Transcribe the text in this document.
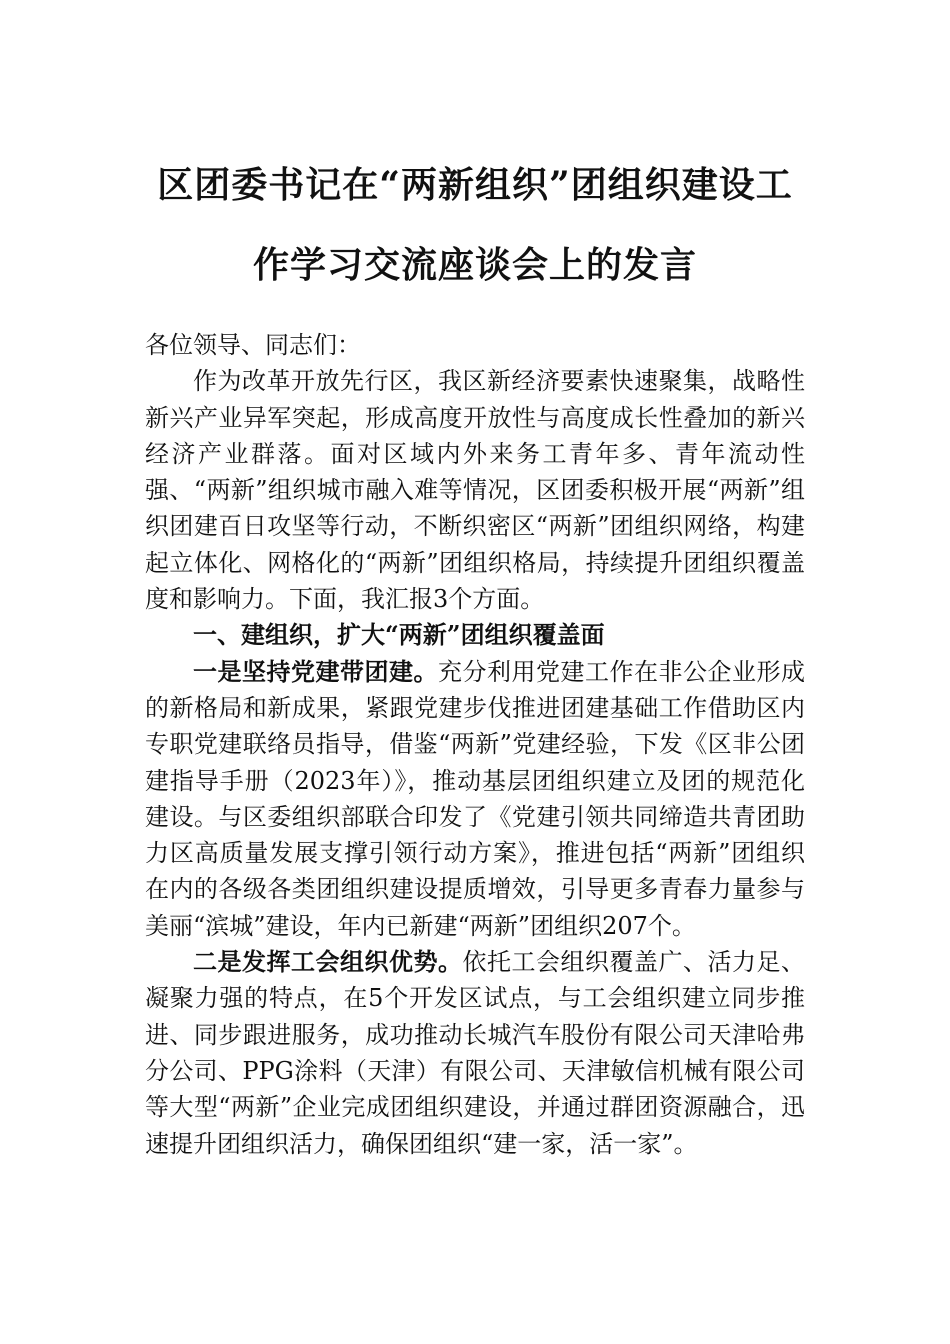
区团委书记在“两新组织”团组织建设工
作学习交流座谈会上的发言

各位领导、同志们：

作为改革开放先行区，我区新经济要素快速聚集，战略性新兴产业异军突起，形成高度开放性与高度成长性叠加的新兴经济产业群落。面对区域内外来务工青年多、青年流动性强、“两新”组织城市融入难等情况，区团委积极开展“两新”组织团建百日攻坚等行动，不断织密区“两新”团组织网络，构建起立体化、网格化的“两新”团组织格局，持续提升团组织覆盖度和影响力。下面，我汇报3个方面。

一、建组织，扩大“两新”团组织覆盖面

一是坚持党建带团建。充分利用党建工作在非公企业形成的新格局和新成果，紧跟党建步伐推进团建基础工作借助区内专职党建联络员指导，借鉴“两新”党建经验，下发《区非公团建指导手册（2023年）》，推动基层团组织建立及团的规范化建设。与区委组织部联合印发了《党建引领共同缔造共青团助力区高质量发展支撑引领行动方案》，推进包括“两新”团组织在内的各级各类团组织建设提质增效，引导更多青春力量参与美丽“滨城”建设，年内已新建“两新”团组织207个。

二是发挥工会组织优势。依托工会组织覆盖广、活力足、凝聚力强的特点，在5个开发区试点，与工会组织建立同步推进、同步跟进服务，成功推动长城汽车股份有限公司天津哈弗分公司、PPG涂料（天津）有限公司、天津敏信机械有限公司等大型“两新”企业完成团组织建设，并通过群团资源融合，迅速提升团组织活力，确保团组织“建一家，活一家”。
